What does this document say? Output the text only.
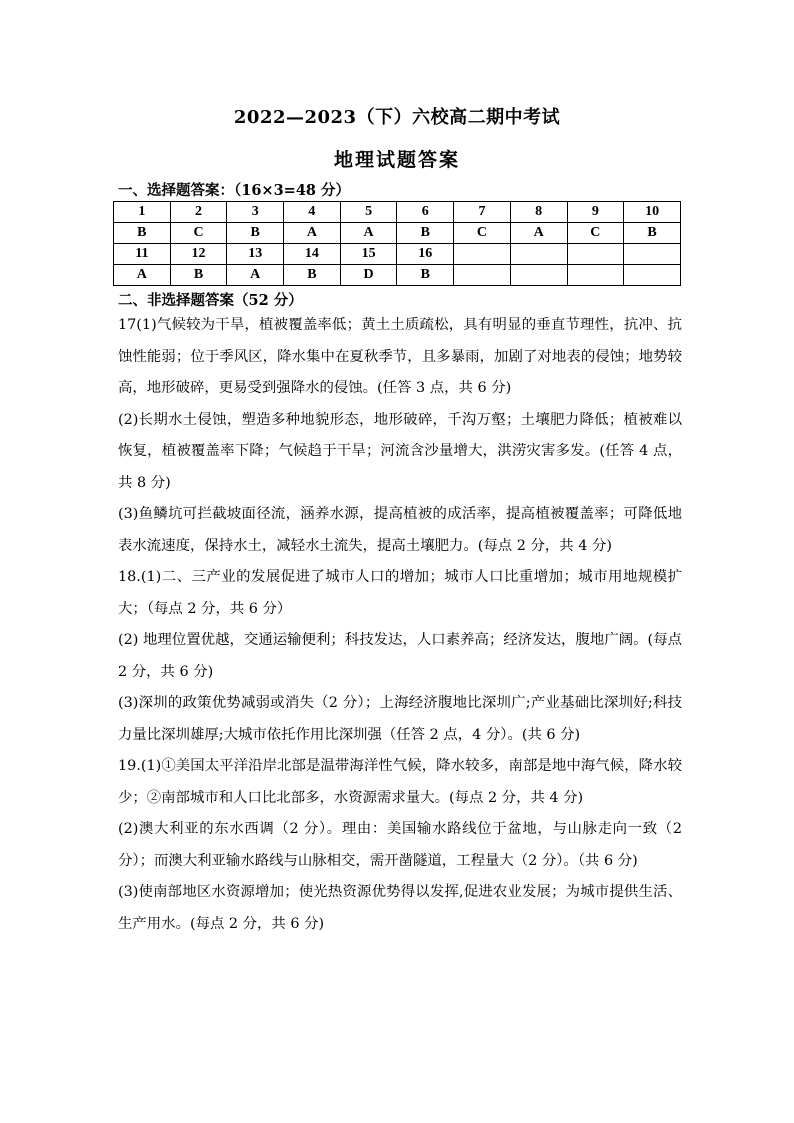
2022—2023（下）六校高二期中考试
地理试题答案
一、选择题答案：（16×3=48 分）
1	2	3	4	5	6	7	8	9	10
B	C	B	A	A	B	C	A	C	B
11	12	13	14	15	16				
A	B	A	B	D	B				
二、非选择题答案（52 分）

17(1)气候较为干旱，植被覆盖率低；黄土土质疏松，具有明显的垂直节理性，抗冲、抗蚀性能弱；位于季风区，降水集中在夏秋季节，且多暴雨，加剧了对地表的侵蚀；地势较高，地形破碎，更易受到强降水的侵蚀。(任答 3 点，共 6 分)

(2)长期水土侵蚀，塑造多种地貌形态，地形破碎，千沟万壑；土壤肥力降低；植被难以恢复，植被覆盖率下降；气候趋于干旱；河流含沙量增大，洪涝灾害多发。(任答 4 点，共 8 分)

(3)鱼鳞坑可拦截坡面径流，涵养水源，提高植被的成活率，提高植被覆盖率；可降低地表水流速度，保持水土，减轻水土流失，提高土壤肥力。(每点 2 分，共 4 分)

18.(1)二、三产业的发展促进了城市人口的增加；城市人口比重增加；城市用地规模扩大；（每点 2 分，共 6 分）

(2) 地理位置优越，交通运输便利；科技发达，人口素养高；经济发达，腹地广阔。(每点 2 分，共 6 分)

(3)深圳的政策优势减弱或消失（2 分）；上海经济腹地比深圳广;产业基础比深圳好;科技力量比深圳雄厚;大城市依托作用比深圳强（任答 2 点，4 分）。(共 6 分)

19.(1)①美国太平洋沿岸北部是温带海洋性气候，降水较多，南部是地中海气候，降水较少；②南部城市和人口比北部多，水资源需求量大。(每点 2 分，共 4 分)

(2)澳大利亚的东水西调（2 分）。理由：美国输水路线位于盆地，与山脉走向一致（2 分）；而澳大利亚输水路线与山脉相交，需开凿隧道，工程量大（2 分）。（共 6 分)

(3)使南部地区水资源增加；使光热资源优势得以发挥,促进农业发展；为城市提供生活、生产用水。(每点 2 分，共 6 分)
